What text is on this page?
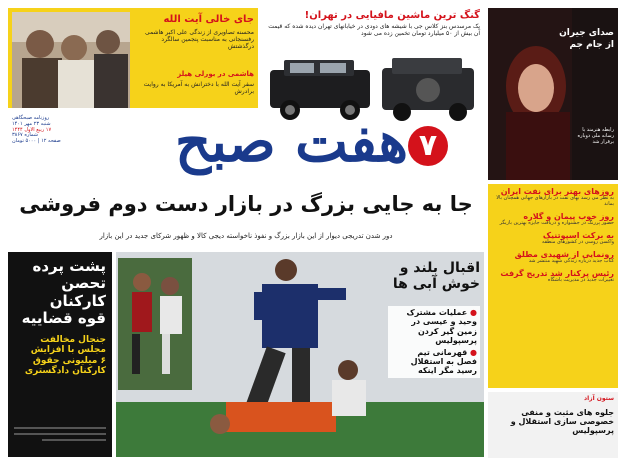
جای خالی آیت الله
محسنه تصاویری از زندگی علی اکبر هاشمی رفسنجانی به مناسبت پنجمین سالگرد درگذشتش
هاشمی در بورلی هیلز
سفر آیت الله با دخترانش به آمریکا به روایت برادرش
گنگ ترین ماشین مافیایی در تهران!
یک مرسدس بنز کلاس جی با شیشه های دودی در خیابانهای تهران دیده شده که قیمت آن بیش از ۵۰ میلیارد تومان تخمین زده می شود	صدای جیران
از جام جم
رابطه هنرمند با رسانه ملی دوباره برقرار شد
روزهای بهتر برای نفت ایران
به نظر می رسد بهای نفت در بازارهای جهانی همچنان بالا بماند
روز خوب پیمان و گلاره
حضور پررنگ در جشنواره و دریافت جایزه بهترین بازیگر
به برکت اسپوتنیک
واکسن روسی در کشورهای منطقه
رونمایی از شهیدی مطلق
کتاب جدید درباره زندگی شهید منتشر شد
رئیس پرکنار شد تدریج گرفت
تغییرات جدید در مدیریت باشگاه
روزنامه صبحگاهی
شنبه ۲۳ مهر ۱۴۰۱
۱۷ ربیع الاول ۱۴۴۴
شماره ۳۸۶۷
صفحه ۱۲ | ۵۰۰۰ تومان	هفت صبح ۷
جا به جایی بزرگ در بازار دست دوم فروشی
دور شدن تدریجی دیوار از این بازار بزرگ و نفوذ ناخواسته دیجی کالا و ظهور شرکای جدید در این بازار
پشت پرده
تحصن
کارکنان
قوه قضاییه
جنجال مخالفت
مجلس با افزایش
۶ میلیونی حقوق
کارکنان دادگستری
اقبال بلند و
خوش آبی ها
● عملیات مشترک
وحید و عیسی در
زمین گیر کردن
پرسپولیس
● قهرمانی تیم
فصل به استقلال
رسید مگر اینکه
ستون آزاد
جلوه های مثبت و منفی خصوصی سازی استقلال و پرسپولیس
